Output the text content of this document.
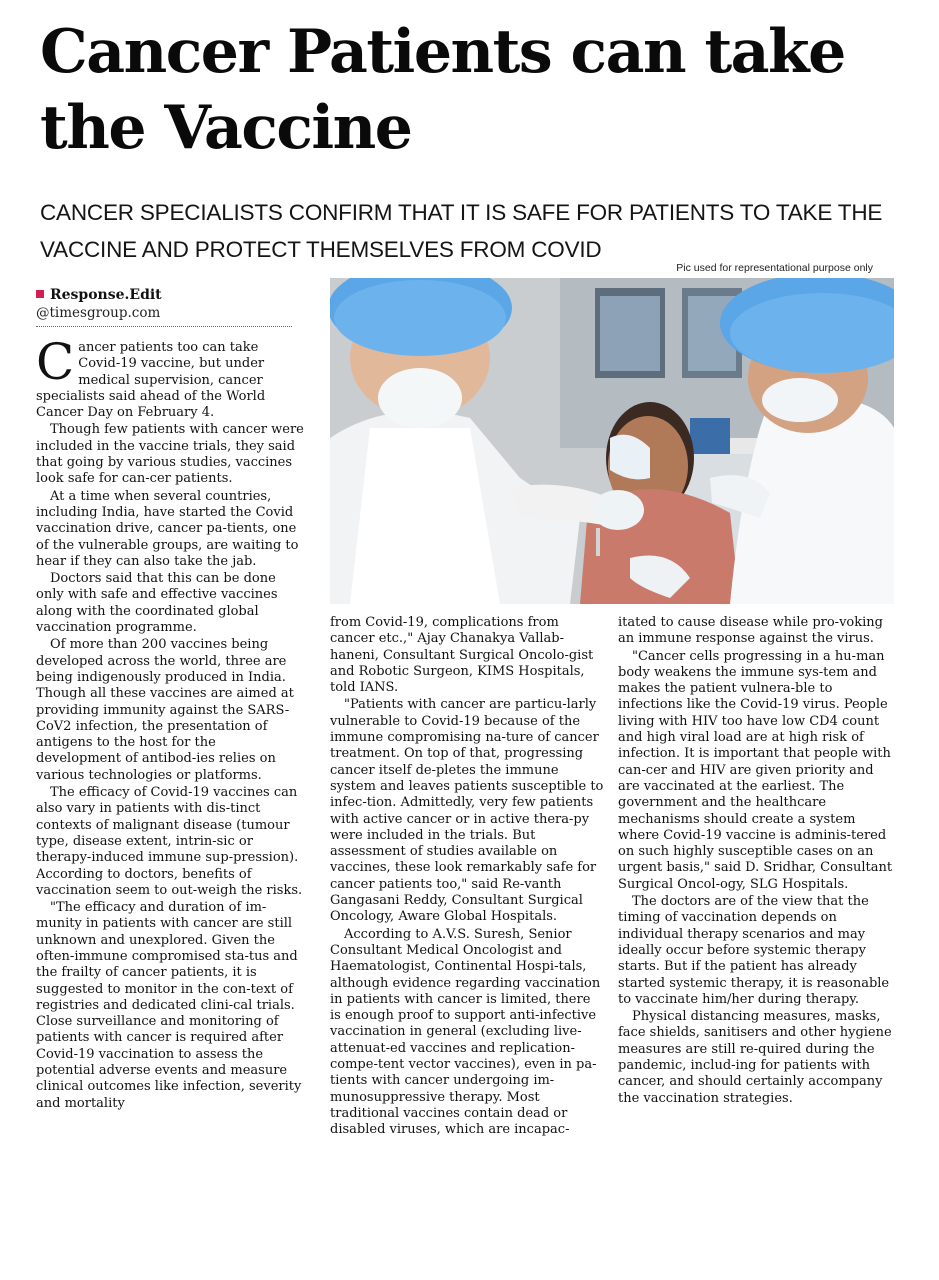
Cancer Patients can take the Vaccine
CANCER SPECIALISTS CONFIRM THAT IT IS SAFE FOR PATIENTS TO TAKE THE VACCINE AND PROTECT THEMSELVES FROM COVID
Pic used for representational purpose only
Response.Edit
@timesgroup.com

Cancer patients too can take Covid-19 vaccine, but under medical supervision, cancer specialists said ahead of the World Cancer Day on February 4.

Though few patients with cancer were included in the vaccine trials, they said that going by various studies, vaccines look safe for can-cer patients.

At a time when several countries, including India, have started the Covid vaccination drive, cancer pa-tients, one of the vulnerable groups, are waiting to hear if they can also take the jab.

Doctors said that this can be done only with safe and effective vaccines along with the coordinated global vaccination programme.

Of more than 200 vaccines being developed across the world, three are being indigenously produced in India. Though all these vaccines are aimed at providing immunity against the SARS-CoV2 infection, the presentation of antigens to the host for the development of antibod-ies relies on various technologies or platforms.

The efficacy of Covid-19 vaccines can also vary in patients with dis-tinct contexts of malignant disease (tumour type, disease extent, intrin-sic or therapy-induced immune sup-pression). According to doctors, benefits of vaccination seem to out-weigh the risks.

"The efficacy and duration of im-munity in patients with cancer are still unknown and unexplored. Given the often-immune compromised sta-tus and the frailty of cancer patients, it is suggested to monitor in the con-text of registries and dedicated clini-cal trials. Close surveillance and monitoring of patients with cancer is required after Covid-19 vaccination to assess the potential adverse events and measure clinical outcomes like infection, severity and mortality

from Covid-19, complications from cancer etc.," Ajay Chanakya Vallab-haneni, Consultant Surgical Oncolo-gist and Robotic Surgeon, KIMS Hospitals, told IANS.

"Patients with cancer are particu-larly vulnerable to Covid-19 because of the immune compromising na-ture of cancer treatment. On top of that, progressing cancer itself de-pletes the immune system and leaves patients susceptible to infec-tion. Admittedly, very few patients with active cancer or in active thera-py were included in the trials. But assessment of studies available on vaccines, these look remarkably safe for cancer patients too," said Re-vanth Gangasani Reddy, Consultant Surgical Oncology, Aware Global Hospitals.

According to A.V.S. Suresh, Senior Consultant Medical Oncologist and Haematologist, Continental Hospi-tals, although evidence regarding vaccination in patients with cancer is limited, there is enough proof to support anti-infective vaccination in general (excluding live-attenuat-ed vaccines and replication-compe-tent vector vaccines), even in pa-tients with cancer undergoing im-munosuppressive therapy. Most traditional vaccines contain dead or disabled viruses, which are incapac-

itated to cause disease while pro-voking an immune response against the virus.

"Cancer cells progressing in a hu-man body weakens the immune sys-tem and makes the patient vulnera-ble to infections like the Covid-19 virus. People living with HIV too have low CD4 count and high viral load are at high risk of infection. It is important that people with can-cer and HIV are given priority and are vaccinated at the earliest. The government and the healthcare mechanisms should create a system where Covid-19 vaccine is adminis-tered on such highly susceptible cases on an urgent basis," said D. Sridhar, Consultant Surgical Oncol-ogy, SLG Hospitals.

The doctors are of the view that the timing of vaccination depends on individual therapy scenarios and may ideally occur before systemic therapy starts. But if the patient has already started systemic therapy, it is reasonable to vaccinate him/her during therapy.

Physical distancing measures, masks, face shields, sanitisers and other hygiene measures are still re-quired during the pandemic, includ-ing for patients with cancer, and should certainly accompany the vaccination strategies.
